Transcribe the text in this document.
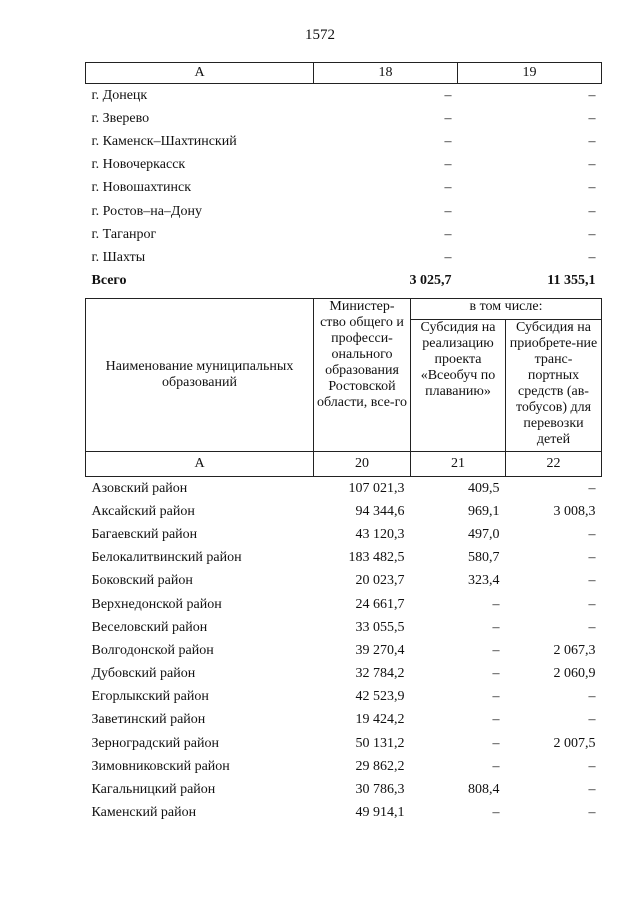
1572
А	18	19
г. Донецк	–	–
г. Зверево	–	–
г. Каменск–Шахтинский	–	–
г. Новочеркасск	–	–
г. Новошахтинск	–	–
г. Ростов–на–Дону	–	–
г. Таганрог	–	–
г. Шахты	–	–
Всего	3 025,7	11 355,1
Наименование муниципальных образований	Министер-ство общего и професси-онального образования Ростовской области, все-го	в том числе:	
		Субсидия на реализацию проекта «Всеобуч по плаванию»	Субсидия на приобрете-ние транс-портных средств (ав-тобусов) для перевозки детей
А	20	21	22
Азовский район	107 021,3	409,5	–
Аксайский район	94 344,6	969,1	3 008,3
Багаевский район	43 120,3	497,0	–
Белокалитвинский район	183 482,5	580,7	–
Боковский район	20 023,7	323,4	–
Верхнедонской район	24 661,7	–	–
Веселовский район	33 055,5	–	–
Волгодонской район	39 270,4	–	2 067,3
Дубовский район	32 784,2	–	2 060,9
Егорлыкский район	42 523,9	–	–
Заветинский район	19 424,2	–	–
Зерноградский район	50 131,2	–	2 007,5
Зимовниковский район	29 862,2	–	–
Кагальницкий район	30 786,3	808,4	–
Каменский район	49 914,1	–	–
